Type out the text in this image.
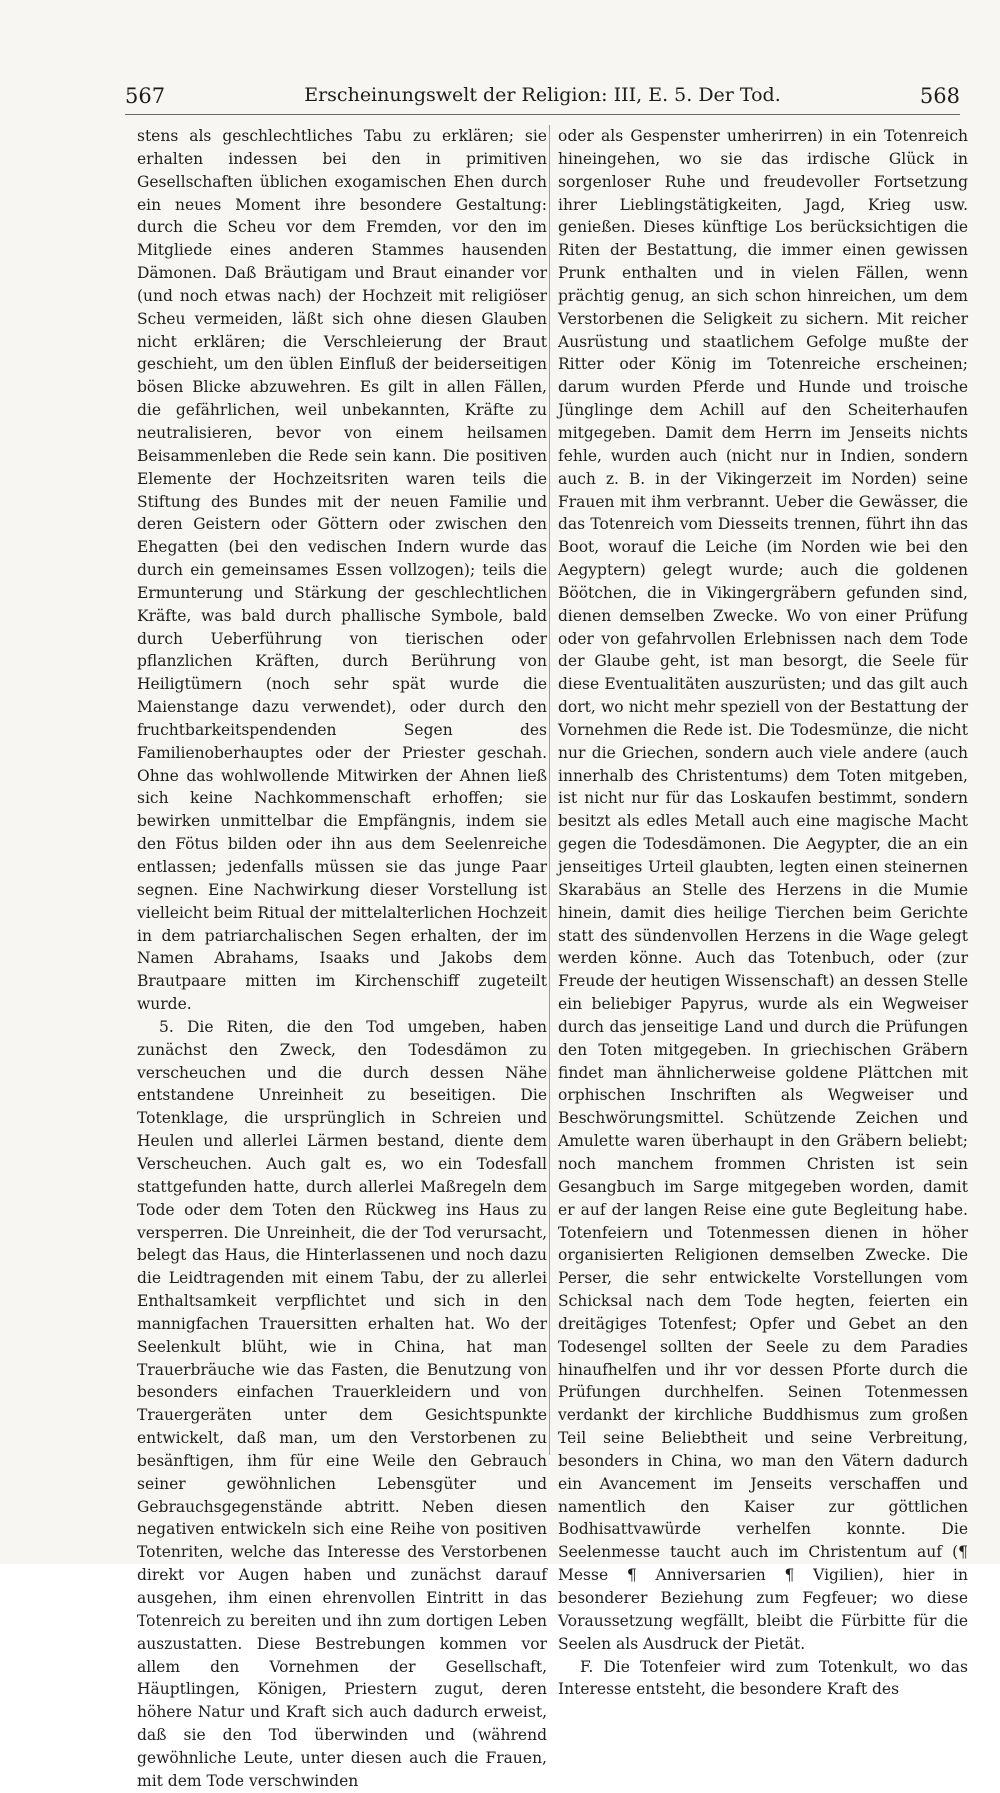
567	Erscheinungswelt der Religion: III, E. 5. Der Tod.	568

stens als geschlechtliches Tabu zu erklären; sie erhalten indessen bei den in primitiven Gesellschaften üblichen exogamischen Ehen durch ein neues Moment ihre besondere Gestaltung: durch die Scheu vor dem Fremden, vor den im Mitgliede eines anderen Stammes hausenden Dämonen. Daß Bräutigam und Braut einander vor (und noch etwas nach) der Hochzeit mit religiöser Scheu vermeiden, läßt sich ohne diesen Glauben nicht erklären; die Verschleierung der Braut geschieht, um den üblen Einfluß der beiderseitigen bösen Blicke abzuwehren. Es gilt in allen Fällen, die gefährlichen, weil unbekannten, Kräfte zu neutralisieren, bevor von einem heilsamen Beisammenleben die Rede sein kann. Die positiven Elemente der Hochzeitsriten waren teils die Stiftung des Bundes mit der neuen Familie und deren Geistern oder Göttern oder zwischen den Ehegatten (bei den vedischen Indern wurde das durch ein gemeinsames Essen vollzogen); teils die Ermunterung und Stärkung der geschlechtlichen Kräfte, was bald durch phallische Symbole, bald durch Ueberführung von tierischen oder pflanzlichen Kräften, durch Berührung von Heiligtümern (noch sehr spät wurde die Maienstange dazu verwendet), oder durch den fruchtbarkeitspendenden Segen des Familienoberhauptes oder der Priester geschah. Ohne das wohlwollende Mitwirken der Ahnen ließ sich keine Nachkommenschaft erhoffen; sie bewirken unmittelbar die Empfängnis, indem sie den Fötus bilden oder ihn aus dem Seelenreiche entlassen; jedenfalls müssen sie das junge Paar segnen. Eine Nachwirkung dieser Vorstellung ist vielleicht beim Ritual der mittelalterlichen Hochzeit in dem patriarchalischen Segen erhalten, der im Namen Abrahams, Isaaks und Jakobs dem Brautpaare mitten im Kirchenschiff zugeteilt wurde.

5. Die Riten, die den Tod umgeben, haben zunächst den Zweck, den Todesdämon zu verscheuchen und die durch dessen Nähe entstandene Unreinheit zu beseitigen. Die Totenklage, die ursprünglich in Schreien und Heulen und allerlei Lärmen bestand, diente dem Verscheuchen. Auch galt es, wo ein Todesfall stattgefunden hatte, durch allerlei Maßregeln dem Tode oder dem Toten den Rückweg ins Haus zu versperren. Die Unreinheit, die der Tod verursacht, belegt das Haus, die Hinterlassenen und noch dazu die Leidtragenden mit einem Tabu, der zu allerlei Enthaltsamkeit verpflichtet und sich in den mannigfachen Trauersitten erhalten hat. Wo der Seelenkult blüht, wie in China, hat man Trauerbräuche wie das Fasten, die Benutzung von besonders einfachen Trauerkleidern und von Trauergeräten unter dem Gesichtspunkte entwickelt, daß man, um den Verstorbenen zu besänftigen, ihm für eine Weile den Gebrauch seiner gewöhnlichen Lebensgüter und Gebrauchsgegenstände abtritt. Neben diesen negativen entwickeln sich eine Reihe von positiven Totenriten, welche das Interesse des Verstorbenen direkt vor Augen haben und zunächst darauf ausgehen, ihm einen ehrenvollen Eintritt in das Totenreich zu bereiten und ihn zum dortigen Leben auszustatten. Diese Bestrebungen kommen vor allem den Vornehmen der Gesellschaft, Häuptlingen, Königen, Priestern zugut, deren höhere Natur und Kraft sich auch dadurch erweist, daß sie den Tod überwinden und (während gewöhnliche Leute, unter diesen auch die Frauen, mit dem Tode verschwinden

oder als Gespenster umherirren) in ein Totenreich hineingehen, wo sie das irdische Glück in sorgenloser Ruhe und freudevoller Fortsetzung ihrer Lieblingstätigkeiten, Jagd, Krieg usw. genießen. Dieses künftige Los berücksichtigen die Riten der Bestattung, die immer einen gewissen Prunk enthalten und in vielen Fällen, wenn prächtig genug, an sich schon hinreichen, um dem Verstorbenen die Seligkeit zu sichern. Mit reicher Ausrüstung und staatlichem Gefolge mußte der Ritter oder König im Totenreiche erscheinen; darum wurden Pferde und Hunde und troische Jünglinge dem Achill auf den Scheiterhaufen mitgegeben. Damit dem Herrn im Jenseits nichts fehle, wurden auch (nicht nur in Indien, sondern auch z. B. in der Vikingerzeit im Norden) seine Frauen mit ihm verbrannt. Ueber die Gewässer, die das Totenreich vom Diesseits trennen, führt ihn das Boot, worauf die Leiche (im Norden wie bei den Aegyptern) gelegt wurde; auch die goldenen Böötchen, die in Vikingergräbern gefunden sind, dienen demselben Zwecke. Wo von einer Prüfung oder von gefahrvollen Erlebnissen nach dem Tode der Glaube geht, ist man besorgt, die Seele für diese Eventualitäten auszurüsten; und das gilt auch dort, wo nicht mehr speziell von der Bestattung der Vornehmen die Rede ist. Die Todesmünze, die nicht nur die Griechen, sondern auch viele andere (auch innerhalb des Christentums) dem Toten mitgeben, ist nicht nur für das Loskaufen bestimmt, sondern besitzt als edles Metall auch eine magische Macht gegen die Todesdämonen. Die Aegypter, die an ein jenseitiges Urteil glaubten, legten einen steinernen Skarabäus an Stelle des Herzens in die Mumie hinein, damit dies heilige Tierchen beim Gerichte statt des sündenvollen Herzens in die Wage gelegt werden könne. Auch das Totenbuch, oder (zur Freude der heutigen Wissenschaft) an dessen Stelle ein beliebiger Papyrus, wurde als ein Wegweiser durch das jenseitige Land und durch die Prüfungen den Toten mitgegeben. In griechischen Gräbern findet man ähnlicherweise goldene Plättchen mit orphischen Inschriften als Wegweiser und Beschwörungsmittel. Schützende Zeichen und Amulette waren überhaupt in den Gräbern beliebt; noch manchem frommen Christen ist sein Gesangbuch im Sarge mitgegeben worden, damit er auf der langen Reise eine gute Begleitung habe. Totenfeiern und Totenmessen dienen in höher organisierten Religionen demselben Zwecke. Die Perser, die sehr entwickelte Vorstellungen vom Schicksal nach dem Tode hegten, feierten ein dreitägiges Totenfest; Opfer und Gebet an den Todesengel sollten der Seele zu dem Paradies hinaufhelfen und ihr vor dessen Pforte durch die Prüfungen durchhelfen. Seinen Totenmessen verdankt der kirchliche Buddhismus zum großen Teil seine Beliebtheit und seine Verbreitung, besonders in China, wo man den Vätern dadurch ein Avancement im Jenseits verschaffen und namentlich den Kaiser zur göttlichen Bodhisattvawürde verhelfen konnte. Die Seelenmesse taucht auch im Christentum auf (¶ Messe ¶ Anniversarien ¶ Vigilien), hier in besonderer Beziehung zum Fegfeuer; wo diese Voraussetzung wegfällt, bleibt die Fürbitte für die Seelen als Ausdruck der Pietät.

F. Die Totenfeier wird zum Totenkult, wo das Interesse entsteht, die besondere Kraft des
